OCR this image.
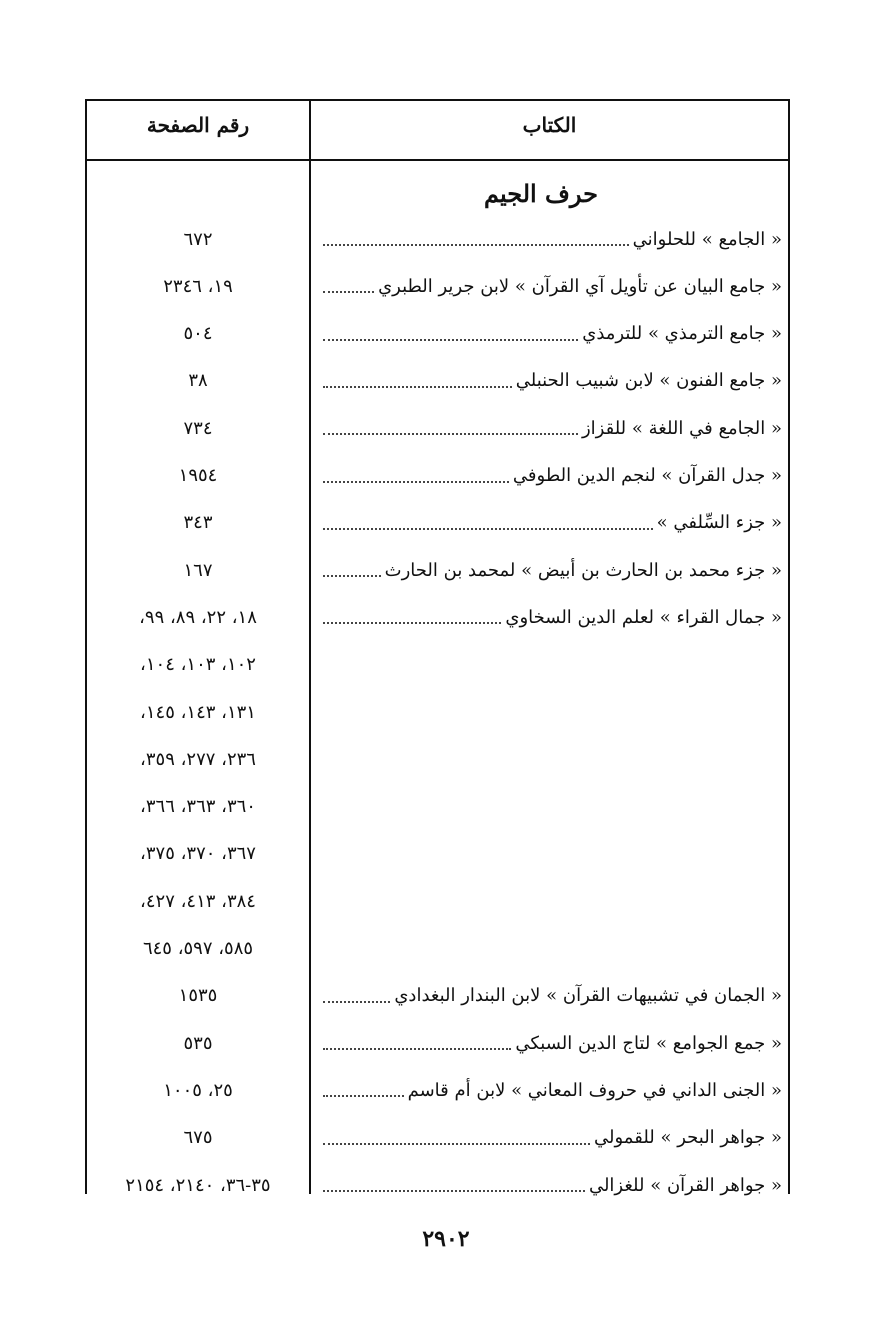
الكتاب
رقم الصفحة
حرف الجيم
« الجامع » للحلواني
٦٧٢
« جامع البيان عن تأويل آي القرآن » لابن جرير الطبري
١٩، ٢٣٤٦
« جامع الترمذي » للترمذي
٥٠٤
« جامع الفنون » لابن شبيب الحنبلي
٣٨
« الجامع في اللغة » للقزاز
٧٣٤
« جدل القرآن » لنجم الدين الطوفي
١٩٥٤
« جزء السِّلفي »
٣٤٣
« جزء محمد بن الحارث بن أبيض » لمحمد بن الحارث
١٦٧
« جمال القراء » لعلم الدين السخاوي
١٨، ٢٢، ٨٩، ٩٩،
١٠٢، ١٠٣، ١٠٤،
١٣١، ١٤٣، ١٤٥،
٢٣٦، ٢٧٧، ٣٥٩،
٣٦٠، ٣٦٣، ٣٦٦،
٣٦٧، ٣٧٠، ٣٧٥،
٣٨٤، ٤١٣، ٤٢٧،
٥٨٥، ٥٩٧، ٦٤٥
« الجمان في تشبيهات القرآن » لابن البندار البغدادي
١٥٣٥
« جمع الجوامع » لتاج الدين السبكي
٥٣٥
« الجنى الداني في حروف المعاني » لابن أم قاسم
٢٥، ١٠٠٥
« جواهر البحر » للقمولي
٦٧٥
« جواهر القرآن » للغزالي
٣٥-٣٦، ٢١٤٠، ٢١٥٤
٢٩٠٢
